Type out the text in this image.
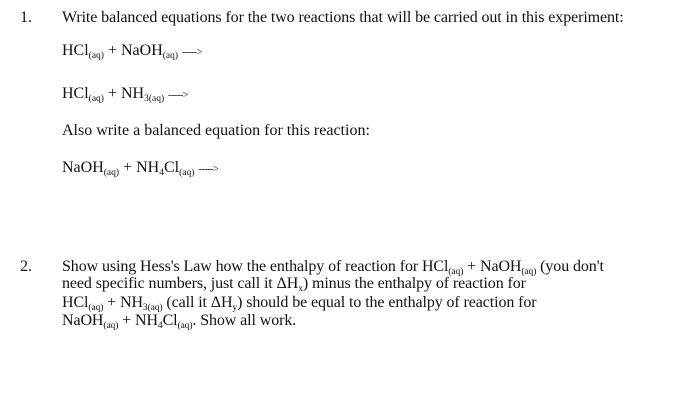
1. Write balanced equations for the two reactions that will be carried out in this experiment:
HCl$_{(aq)}$ + NaOH$_{(aq)}$ ----->
$HCl_{(aq)} + NH_{3(aq)}$ ----->
Also write a balanced equation for this reaction:
NaOH$_{(aq)}$ + $NH_4Cl_{(aq)}$ ----->
2. Show using Hess's Law how the enthalpy of reaction for HCl$_{(aq)}$ + NaOH$_{(aq)}$ (you don't
need specific numbers, just call it $\Delta H_x$) minus the enthalpy of reaction for
$HCl_{(aq)} + NH_{3(aq)}$ (call it $\Delta H_y$) should be equal to the enthalpy of reaction for
NaOH$_{(aq)}$ + $NH_4Cl_{(aq)}$. Show all work.
